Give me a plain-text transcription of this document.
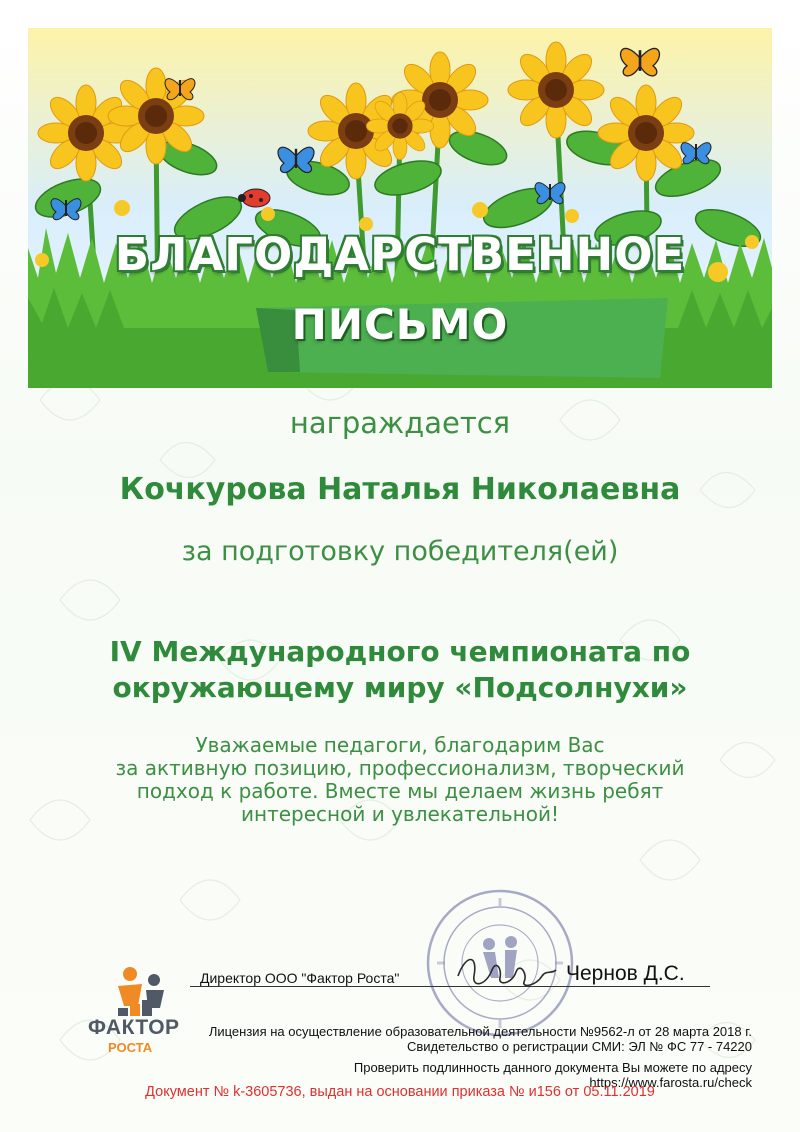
БЛАГОДАРСТВЕННОЕ
ПИСЬМО
награждается
Кочкурова Наталья Николаевна
за подготовку победителя(ей)
IV Международного чемпионата по
окружающему миру «Подсолнухи»
Уважаемые педагоги, благодарим Вас
за активную позицию, профессионализм, творческий
подход к работе. Вместе мы делаем жизнь ребят
интересной и увлекательной!
Директор ООО "Фактор Роста"	Чернов Д.С.
ФАКТОР
РОСТА
Лицензия на осуществление образовательной деятельности №9562-л от 28 марта 2018 г.
Свидетельство о регистрации СМИ: ЭЛ № ФС 77 - 74220
Проверить подлинность данного документа Вы можете по адресу https://www.farosta.ru/check
Документ № k-3605736, выдан на основании приказа № и156 от 05.11.2019
